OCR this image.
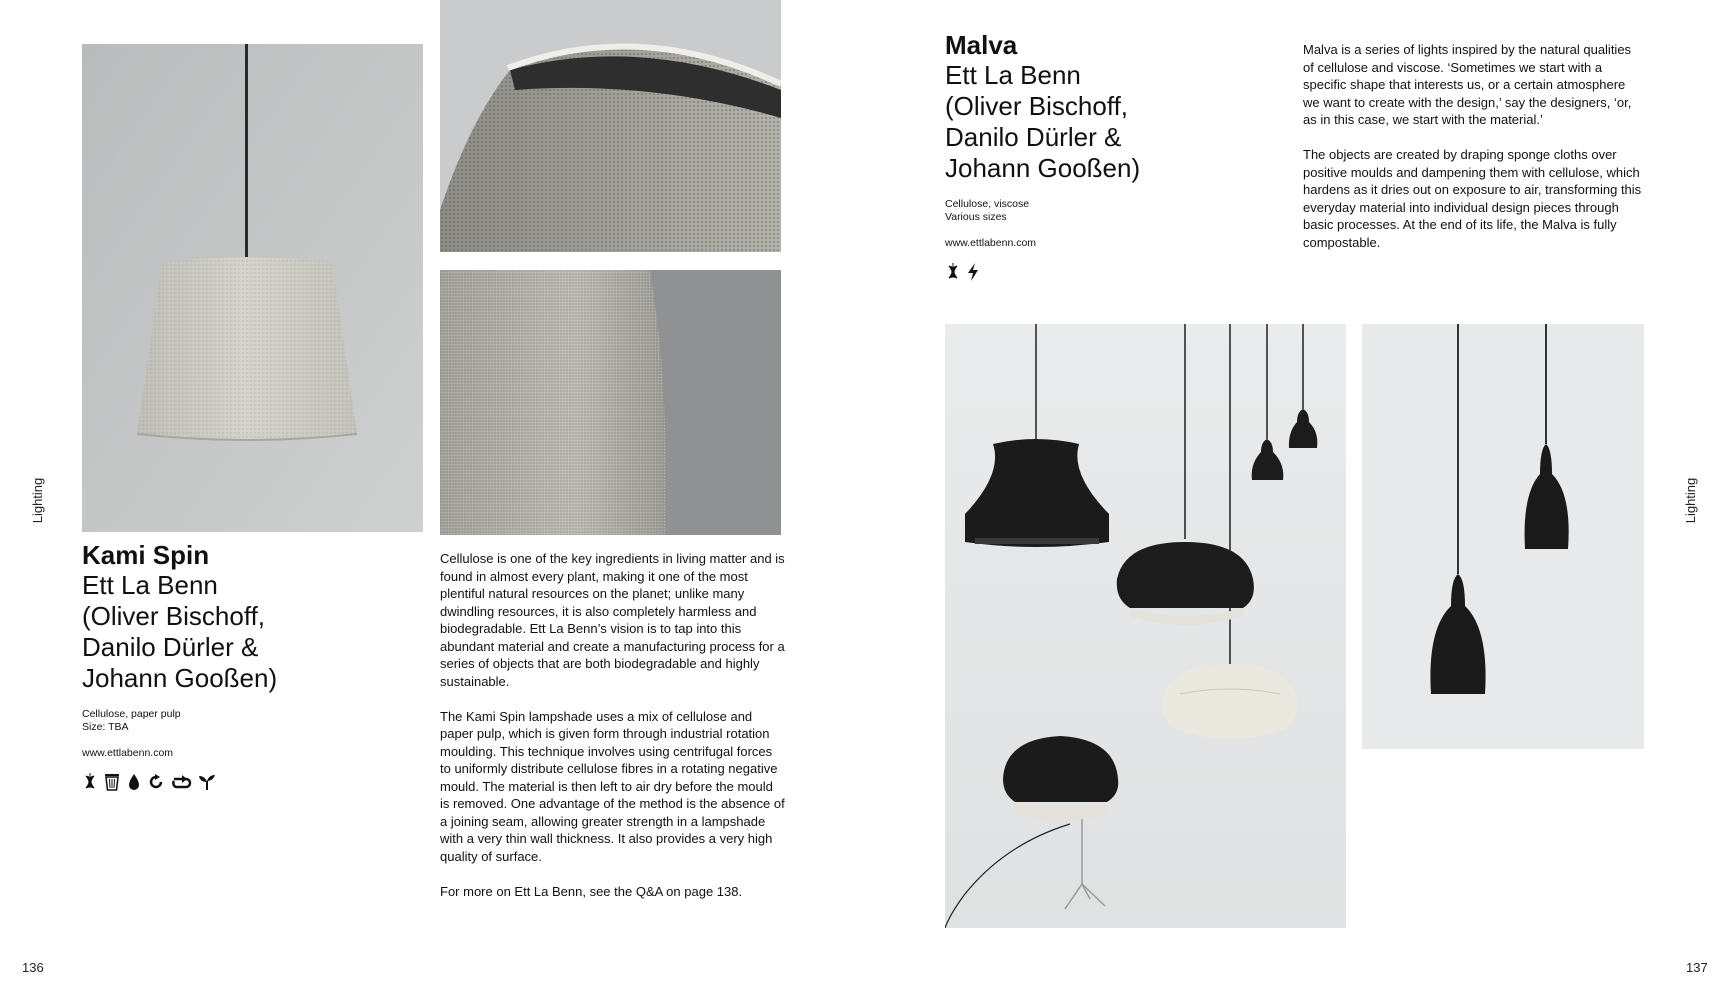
Lighting
136
Kami Spin
Ett La Benn
(Oliver Bischoff,
Danilo Dürler &
Johann Gooßen)

Cellulose, paper pulp

Size: TBA

www.ettlabenn.com

Cellulose is one of the key ingredients in living matter and is found in almost every plant, making it one of the most plentiful natural resources on the planet; unlike many dwindling resources, it is also completely harmless and biodegradable. Ett La Benn’s vision is to tap into this abundant material and create a manufacturing process for a series of objects that are both biodegradable and highly sustainable.

The Kami Spin lampshade uses a mix of cellulose and paper pulp, which is given form through industrial rotation moulding. This technique involves using centrifugal forces to uniformly distribute cellulose fibres in a rotating negative mould. The material is then left to air dry before the mould is removed. One advantage of the method is the absence of a joining seam, allowing greater strength in a lampshade with a very thin wall thickness. It also provides a very high quality of surface.

For more on Ett La Benn, see the Q&A on page 138.

Lighting
137
Malva
Ett La Benn
(Oliver Bischoff,
Danilo Dürler &
Johann Gooßen)

Cellulose, viscose

Various sizes

www.ettlabenn.com

Malva is a series of lights inspired by the natural qualities of cellulose and viscose. ‘Sometimes we start with a specific shape that interests us, or a certain atmosphere we want to create with the design,’ say the designers, ‘or, as in this case, we start with the material.’

The objects are created by draping sponge cloths over positive moulds and dampening them with cellulose, which hardens as it dries out on exposure to air, transforming this everyday material into individual design pieces through basic processes. At the end of its life, the Malva is fully compostable.
